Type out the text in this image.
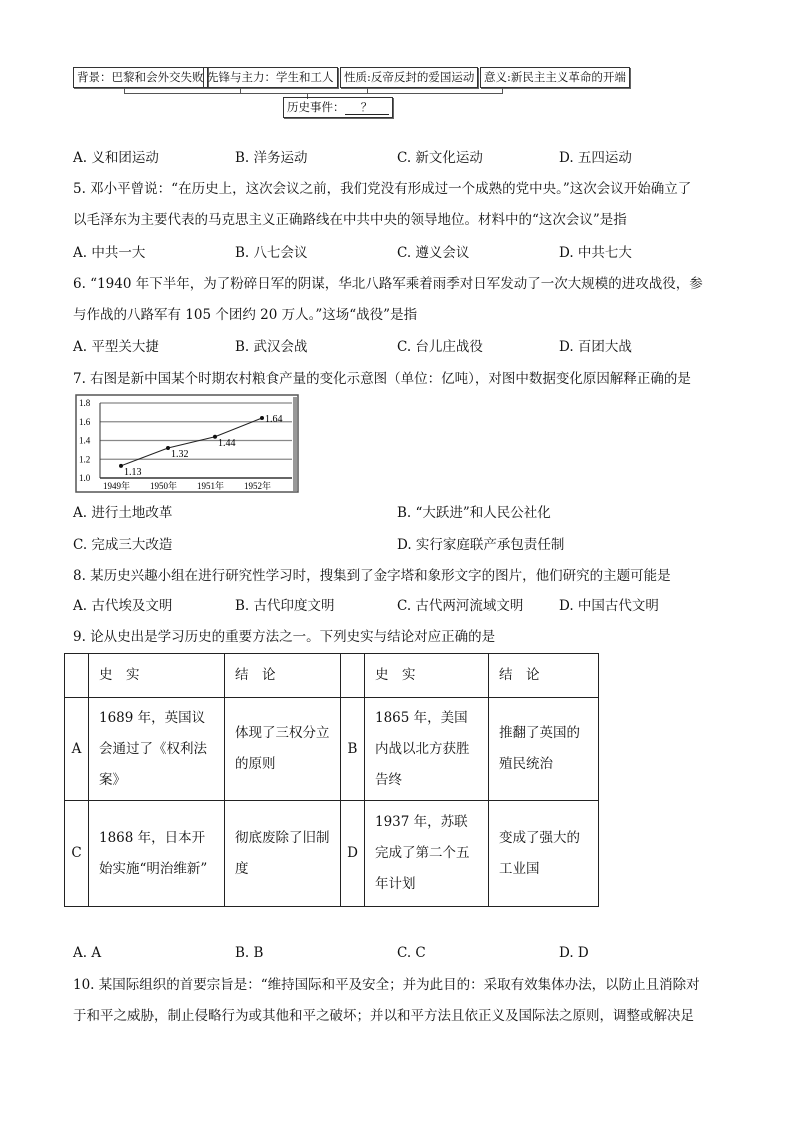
背景：巴黎和会外交失败 先锋与主力：学生和工人 性质:反帝反封的爱国运动 意义:新民主主义革命的开端
历史事件： ？
A. 义和团运动	B. 洋务运动	C. 新文化运动	D. 五四运动
5. 邓小平曾说：“在历史上，这次会议之前，我们党没有形成过一个成熟的党中央。”这次会议开始确立了
以毛泽东为主要代表的马克思主义正确路线在中共中央的领导地位。材料中的“这次会议”是指
A. 中共一大	B. 八七会议	C. 遵义会议	D. 中共七大
6. “1940 年下半年，为了粉碎日军的阴谋，华北八路军乘着雨季对日军发动了一次大规模的进攻战役，参
与作战的八路军有 105 个团约 20 万人。”这场“战役”是指
A. 平型关大捷	B. 武汉会战	C. 台儿庄战役	D. 百团大战
7. 右图是新中国某个时期农村粮食产量的变化示意图（单位：亿吨），对图中数据变化原因解释正确的是
1.0
1.2
1.4
1.6
1.8
1949年 1950年 1951年 1952年
1.13
1.32
1.44
1.64
A. 进行土地改革	B. “大跃进”和人民公社化
C. 完成三大改造	D. 实行家庭联产承包责任制
8. 某历史兴趣小组在进行研究性学习时，搜集到了金字塔和象形文字的图片，他们研究的主题可能是
A. 古代埃及文明	B. 古代印度文明	C. 古代两河流域文明	D. 中国古代文明
9. 论从史出是学习历史的重要方法之一。下列史实与结论对应正确的是
	史　实	结　论		史　实	结　论
A	1689 年，英国议会通过了《权利法案》	体现了三权分立的原则	B	1865 年，美国内战以北方获胜告终	推翻了英国的殖民统治
C	1868 年，日本开始实施“明治维新”	彻底废除了旧制度	D	1937 年，苏联完成了第二个五年计划	变成了强大的工业国
A. A	B. B	C. C	D. D
10. 某国际组织的首要宗旨是：“维持国际和平及安全；并为此目的：采取有效集体办法，以防止且消除对
于和平之威胁，制止侵略行为或其他和平之破坏；并以和平方法且依正义及国际法之原则，调整或解决足
